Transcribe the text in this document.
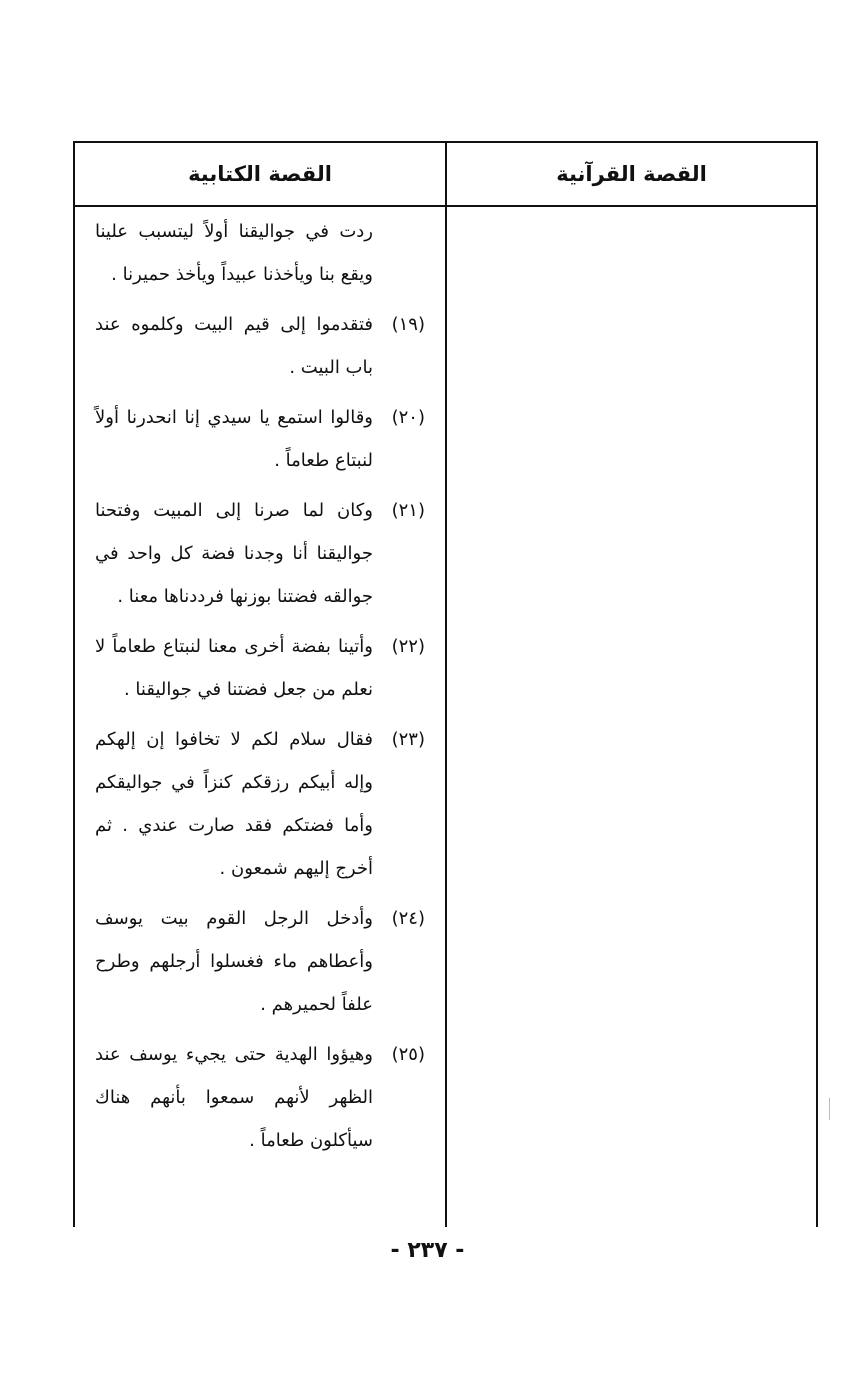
القصة القرآنية
القصة الكتابية
ردت في جواليقنا أولاً ليتسبب علينا ويقع بنا ويأخذنا عبيداً ويأخذ حميرنا .
(١٩)
فتقدموا إلى قيم البيت وكلموه عند باب البيت .
(٢٠)
وقالوا استمع يا سيدي إنا انحدرنا أولاً لنبتاع طعاماً .
(٢١)
وكان لما صرنا إلى المبيت وفتحنا جواليقنا أنا وجدنا فضة كل واحد في جوالقه فضتنا بوزنها فرددناها معنا .
(٢٢)
وأتينا بفضة أخرى معنا لنبتاع طعاماً لا نعلم من جعل فضتنا في جواليقنا .
(٢٣)
فقال سلام لكم لا تخافوا إن إلهكم وإله أبيكم رزقكم كنزاً في جواليقكم وأما فضتكم فقد صارت عندي . ثم أخرج إليهم شمعون .
(٢٤)
وأدخل الرجل القوم بيت يوسف وأعطاهم ماء فغسلوا أرجلهم وطرح علفاً لحميرهم .
(٢٥)
وهيؤوا الهدية حتى يجيء يوسف عند الظهر لأنهم سمعوا بأنهم هناك سيأكلون طعاماً .
- ٢٣٧ -
